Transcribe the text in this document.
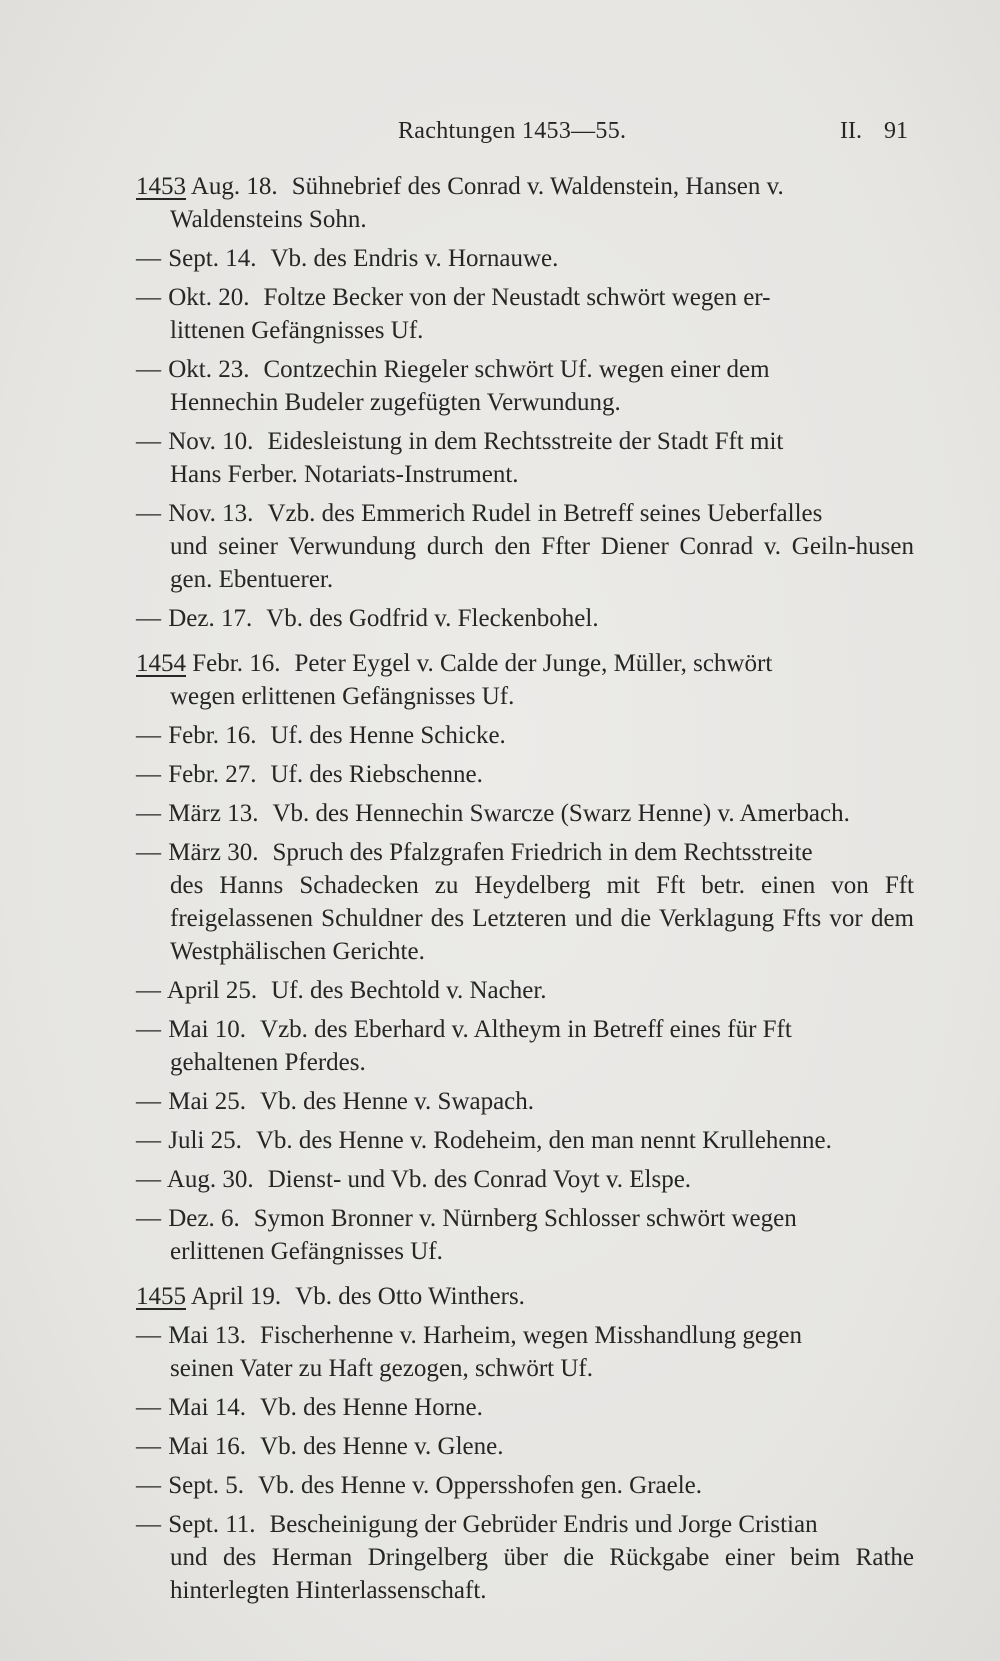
Rachtungen 1453—55.	II. 91
1453 Aug. 18. Sühnebrief des Conrad v. Waldenstein, Hansen v.
Waldensteins Sohn.
— Sept. 14. Vb. des Endris v. Hornauwe.
— Okt. 20. Foltze Becker von der Neustadt schwört wegen er-
littenen Gefängnisses Uf.
— Okt. 23. Contzechin Riegeler schwört Uf. wegen einer dem
Hennechin Budeler zugefügten Verwundung.
— Nov. 10. Eidesleistung in dem Rechtsstreite der Stadt Fft mit
Hans Ferber. Notariats-Instrument.
— Nov. 13. Vzb. des Emmerich Rudel in Betreff seines Ueberfalles
und seiner Verwundung durch den Ffter Diener Conrad v. Geiln-husen gen. Ebentuerer.
— Dez. 17. Vb. des Godfrid v. Fleckenbohel.
1454 Febr. 16. Peter Eygel v. Calde der Junge, Müller, schwört
wegen erlittenen Gefängnisses Uf.
— Febr. 16. Uf. des Henne Schicke.
— Febr. 27. Uf. des Riebschenne.
— März 13. Vb. des Hennechin Swarcze (Swarz Henne) v. Amerbach.
— März 30. Spruch des Pfalzgrafen Friedrich in dem Rechtsstreite
des Hanns Schadecken zu Heydelberg mit Fft betr. einen von Fft freigelassenen Schuldner des Letzteren und die Verklagung Ffts vor dem Westphälischen Gerichte.
— April 25. Uf. des Bechtold v. Nacher.
— Mai 10. Vzb. des Eberhard v. Altheym in Betreff eines für Fft
gehaltenen Pferdes.
— Mai 25. Vb. des Henne v. Swapach.
— Juli 25. Vb. des Henne v. Rodeheim, den man nennt Krullehenne.
— Aug. 30. Dienst- und Vb. des Conrad Voyt v. Elspe.
— Dez. 6. Symon Bronner v. Nürnberg Schlosser schwört wegen
erlittenen Gefängnisses Uf.
1455 April 19. Vb. des Otto Winthers.
— Mai 13. Fischerhenne v. Harheim, wegen Misshandlung gegen
seinen Vater zu Haft gezogen, schwört Uf.
— Mai 14. Vb. des Henne Horne.
— Mai 16. Vb. des Henne v. Glene.
— Sept. 5. Vb. des Henne v. Oppersshofen gen. Graele.
— Sept. 11. Bescheinigung der Gebrüder Endris und Jorge Cristian
und des Herman Dringelberg über die Rückgabe einer beim Rathe hinterlegten Hinterlassenschaft.
